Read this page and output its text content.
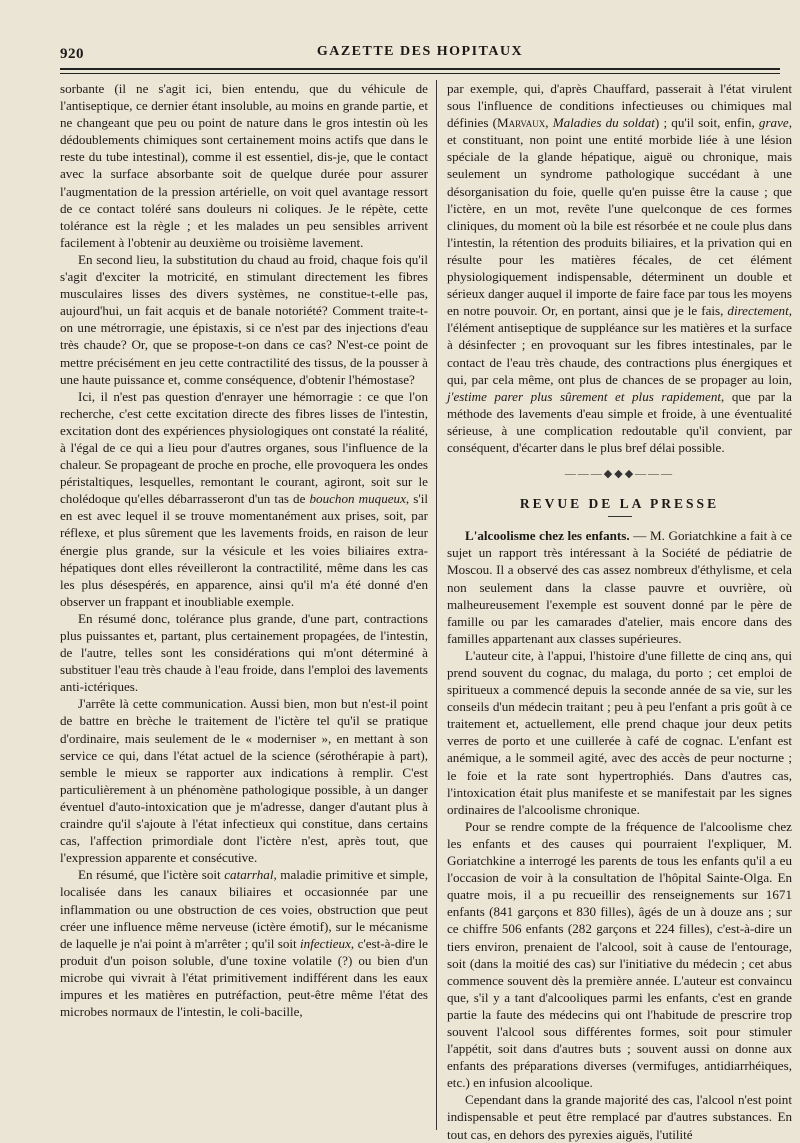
920	GAZETTE DES HOPITAUX

sorbante (il ne s'agit ici, bien entendu, que du véhicule de l'antiseptique, ce dernier étant insoluble, au moins en grande partie, et ne changeant que peu ou point de nature dans le gros intestin où les dédoublements chimiques sont certainement moins actifs que dans le reste du tube intestinal), comme il est essentiel, dis-je, que le contact avec la surface absorbante soit de quelque durée pour assurer l'augmentation de la pression artérielle, on voit quel avantage ressort de ce contact toléré sans douleurs ni coliques. Je le répète, cette tolérance est la règle ; et les malades un peu sensibles arrivent facilement à l'obtenir au deuxième ou troisième lavement.

En second lieu, la substitution du chaud au froid, chaque fois qu'il s'agit d'exciter la motricité, en stimulant directement les fibres musculaires lisses des divers systèmes, ne constitue-t-elle pas, aujourd'hui, un fait acquis et de banale notoriété? Comment traite-t-on une métrorragie, une épistaxis, si ce n'est par des injections d'eau très chaude? Or, que se propose-t-on dans ce cas? N'est-ce point de mettre précisément en jeu cette contractilité des tissus, de la pousser à une haute puissance et, comme conséquence, d'obtenir l'hémostase?

Ici, il n'est pas question d'enrayer une hémorragie : ce que l'on recherche, c'est cette excitation directe des fibres lisses de l'intestin, excitation dont des expériences physiologiques ont constaté la réalité, à l'égal de ce qui a lieu pour d'autres organes, sous l'influence de la chaleur. Se propageant de proche en proche, elle provoquera les ondes péristaltiques, lesquelles, remontant le courant, agiront, soit sur le cholédoque qu'elles débarrasseront d'un tas de bouchon muqueux, s'il en est avec lequel il se trouve momentanément aux prises, soit, par réflexe, et plus sûrement que les lavements froids, en raison de leur énergie plus grande, sur la vésicule et les voies biliaires extra-hépatiques dont elles réveilleront la contractilité, même dans les cas les plus désespérés, en apparence, ainsi qu'il m'a été donné d'en observer un frappant et inoubliable exemple.

En résumé donc, tolérance plus grande, d'une part, contractions plus puissantes et, partant, plus certainement propagées, de l'intestin, de l'autre, telles sont les considérations qui m'ont déterminé à substituer l'eau très chaude à l'eau froide, dans l'emploi des lavements anti-ictériques.

J'arrête là cette communication. Aussi bien, mon but n'est-il point de battre en brèche le traitement de l'ictère tel qu'il se pratique d'ordinaire, mais seulement de le « moderniser », en mettant à son service ce qui, dans l'état actuel de la science (sérothérapie à part), semble le mieux se rapporter aux indications à remplir. C'est particulièrement à un phénomène pathologique possible, à un danger éventuel d'auto-intoxication que je m'adresse, danger d'autant plus à craindre qu'il s'ajoute à l'état infectieux qui constitue, dans certains cas, l'affection primordiale dont l'ictère n'est, après tout, que l'expression apparente et consécutive.

En résumé, que l'ictère soit catarrhal, maladie primitive et simple, localisée dans les canaux biliaires et occasionnée par une inflammation ou une obstruction de ces voies, obstruction que peut créer une influence même nerveuse (ictère émotif), sur le mécanisme de laquelle je n'ai point à m'arrêter ; qu'il soit infectieux, c'est-à-dire le produit d'un poison soluble, d'une toxine volatile (?) ou bien d'un microbe qui vivrait à l'état primitivement indifférent dans les eaux impures et les matières en putréfaction, peut-être même l'état des microbes normaux de l'intestin, le coli-bacille,

par exemple, qui, d'après Chauffard, passerait à l'état virulent sous l'influence de conditions infectieuses ou chimiques mal définies (Marvaux, Maladies du soldat) ; qu'il soit, enfin, grave, et constituant, non point une entité morbide liée à une lésion spéciale de la glande hépatique, aiguë ou chronique, mais seulement un syndrome pathologique succédant à une désorganisation du foie, quelle qu'en puisse être la cause ; que l'ictère, en un mot, revête l'une quelconque de ces formes cliniques, du moment où la bile est résorbée et ne coule plus dans l'intestin, la rétention des produits biliaires, et la privation qui en résulte pour les matières fécales, de cet élément physiologiquement indispensable, déterminent un double et sérieux danger auquel il importe de faire face par tous les moyens en notre pouvoir. Or, en portant, ainsi que je le fais, directement, l'élément antiseptique de suppléance sur les matières et la surface à désinfecter ; en provoquant sur les fibres intestinales, par le contact de l'eau très chaude, des contractions plus énergiques et qui, par cela même, ont plus de chances de se propager au loin, j'estime parer plus sûrement et plus rapidement, que par la méthode des lavements d'eau simple et froide, à une éventualité sérieuse, à une complication redoutable qu'il convient, par conséquent, d'écarter dans le plus bref délai possible.

———◆◆◆———
REVUE DE LA PRESSE

L'alcoolisme chez les enfants. — M. Goriatchkine a fait à ce sujet un rapport très intéressant à la Société de pédiatrie de Moscou. Il a observé des cas assez nombreux d'éthylisme, et cela non seulement dans la classe pauvre et ouvrière, où malheureusement l'exemple est souvent donné par le père de famille ou par les camarades d'atelier, mais encore dans des familles appartenant aux classes supérieures.

L'auteur cite, à l'appui, l'histoire d'une fillette de cinq ans, qui prend souvent du cognac, du malaga, du porto ; cet emploi de spiritueux a commencé depuis la seconde année de sa vie, sur les conseils d'un médecin traitant ; peu à peu l'enfant a pris goût à ce traitement et, actuellement, elle prend chaque jour deux petits verres de porto et une cuillerée à café de cognac. L'enfant est anémique, a le sommeil agité, avec des accès de peur nocturne ; le foie et la rate sont hypertrophiés. Dans d'autres cas, l'intoxication était plus manifeste et se manifestait par les signes ordinaires de l'alcoolisme chronique.

Pour se rendre compte de la fréquence de l'alcoolisme chez les enfants et des causes qui pourraient l'expliquer, M. Goriatchkine a interrogé les parents de tous les enfants qu'il a eu l'occasion de voir à la consultation de l'hôpital Sainte-Olga. En quatre mois, il a pu recueillir des renseignements sur 1671 enfants (841 garçons et 830 filles), âgés de un à douze ans ; sur ce chiffre 506 enfants (282 garçons et 224 filles), c'est-à-dire un tiers environ, prenaient de l'alcool, soit à cause de l'entourage, soit (dans la moitié des cas) sur l'initiative du médecin ; cet abus commence souvent dès la première année. L'auteur est convaincu que, s'il y a tant d'alcooliques parmi les enfants, c'est en grande partie la faute des médecins qui ont l'habitude de prescrire trop souvent l'alcool sous différentes formes, soit pour stimuler l'appétit, soit dans d'autres buts ; souvent aussi on donne aux enfants des préparations diverses (vermifuges, antidiarrhéiques, etc.) en infusion alcoolique.

Cependant dans la grande majorité des cas, l'alcool n'est point indispensable et peut être remplacé par d'autres substances. En tout cas, en dehors des pyrexies aiguës, l'utilité
